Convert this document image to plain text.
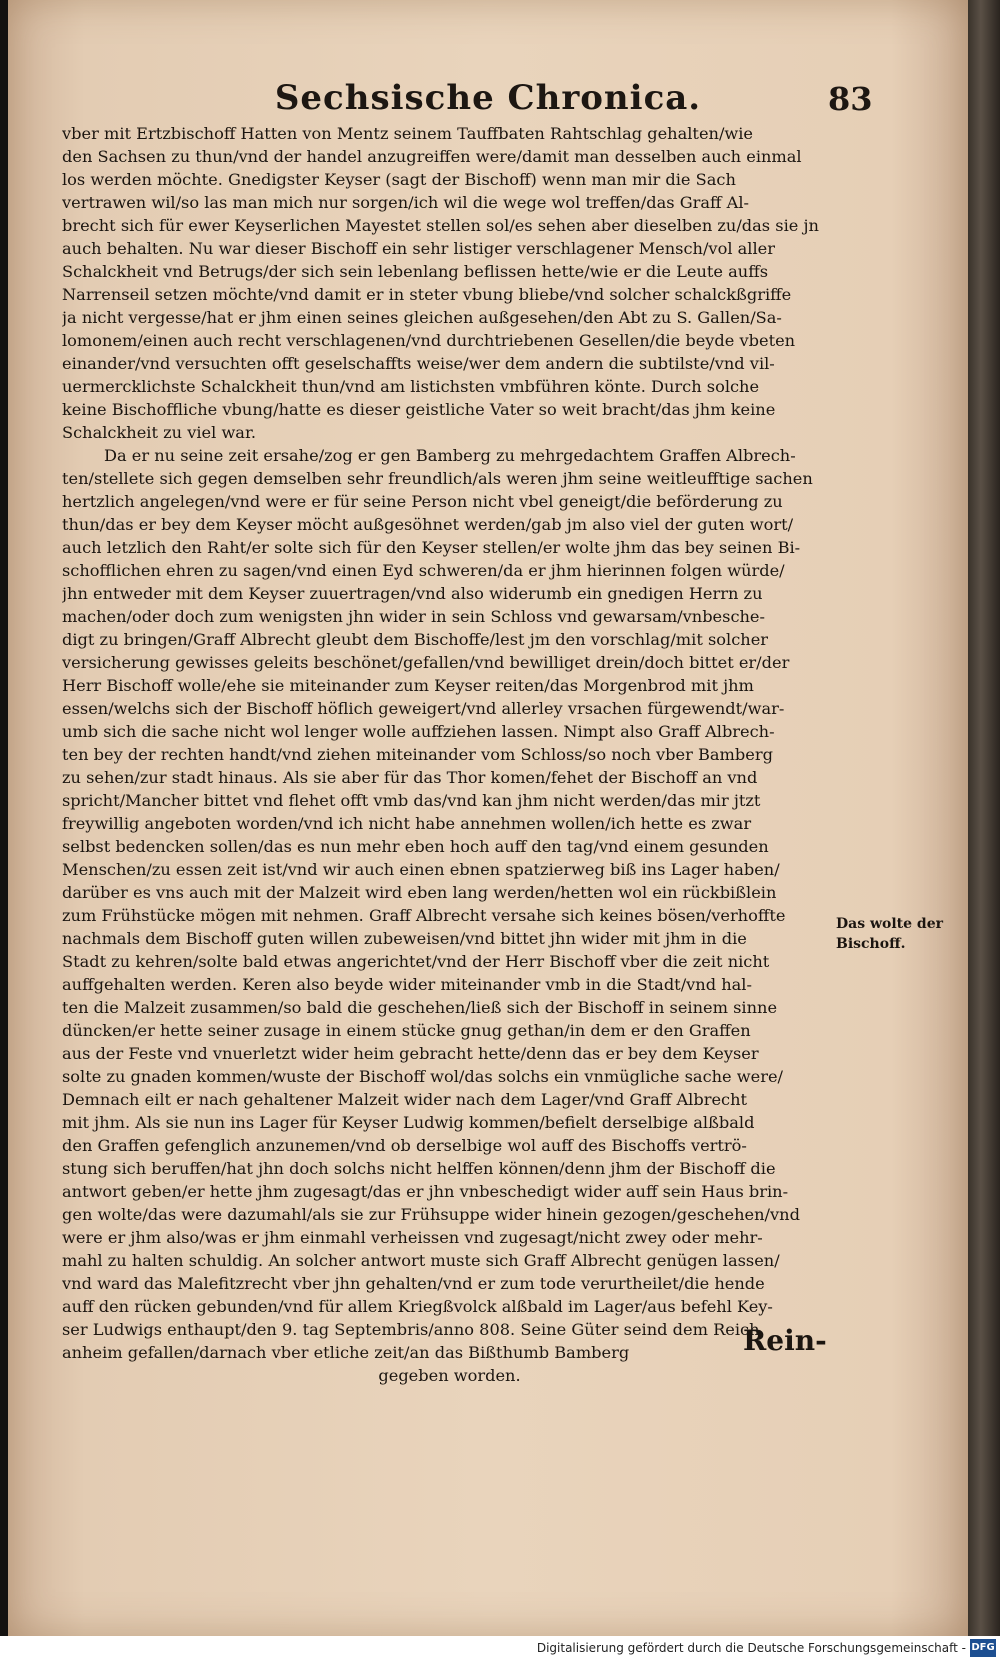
Sechsische Chronica.	83
vber mit Ertzbischoff Hatten von Mentz seinem Tauffbaten Rahtschlag gehalten/wie
den Sachsen zu thun/vnd der handel anzugreiffen were/damit man desselben auch einmal
los werden möchte. Gnedigster Keyser (sagt der Bischoff) wenn man mir die Sach
vertrawen wil/so las man mich nur sorgen/ich wil die wege wol treffen/das Graff Al-
brecht sich für ewer Keyserlichen Mayestet stellen sol/es sehen aber dieselben zu/das sie jn
auch behalten. Nu war dieser Bischoff ein sehr listiger verschlagener Mensch/vol aller
Schalckheit vnd Betrugs/der sich sein lebenlang beflissen hette/wie er die Leute auffs
Narrenseil setzen möchte/vnd damit er in steter vbung bliebe/vnd solcher schalckßgriffe
ja nicht vergesse/hat er jhm einen seines gleichen außgesehen/den Abt zu S. Gallen/Sa-
lomonem/einen auch recht verschlagenen/vnd durchtriebenen Gesellen/die beyde vbeten
einander/vnd versuchten offt geselschaffts weise/wer dem andern die subtilste/vnd vil-
uermercklichste Schalckheit thun/vnd am listichsten vmbführen könte. Durch solche
keine Bischoffliche vbung/hatte es dieser geistliche Vater so weit bracht/das jhm keine
Schalckheit zu viel war.
Da er nu seine zeit ersahe/zog er gen Bamberg zu mehrgedachtem Graffen Albrech-
ten/stellete sich gegen demselben sehr freundlich/als weren jhm seine weitleufftige sachen
hertzlich angelegen/vnd were er für seine Person nicht vbel geneigt/die beförderung zu
thun/das er bey dem Keyser möcht außgesöhnet werden/gab jm also viel der guten wort/
auch letzlich den Raht/er solte sich für den Keyser stellen/er wolte jhm das bey seinen Bi-
schofflichen ehren zu sagen/vnd einen Eyd schweren/da er jhm hierinnen folgen würde/
jhn entweder mit dem Keyser zuuertragen/vnd also widerumb ein gnedigen Herrn zu
machen/oder doch zum wenigsten jhn wider in sein Schloss vnd gewarsam/vnbesche-
digt zu bringen/Graff Albrecht gleubt dem Bischoffe/lest jm den vorschlag/mit solcher
versicherung gewisses geleits beschönet/gefallen/vnd bewilliget drein/doch bittet er/der
Herr Bischoff wolle/ehe sie miteinander zum Keyser reiten/das Morgenbrod mit jhm
essen/welchs sich der Bischoff höflich geweigert/vnd allerley vrsachen fürgewendt/war-
umb sich die sache nicht wol lenger wolle auffziehen lassen. Nimpt also Graff Albrech-
ten bey der rechten handt/vnd ziehen miteinander vom Schloss/so noch vber Bamberg
zu sehen/zur stadt hinaus. Als sie aber für das Thor komen/fehet der Bischoff an vnd
spricht/Mancher bittet vnd flehet offt vmb das/vnd kan jhm nicht werden/das mir jtzt
freywillig angeboten worden/vnd ich nicht habe annehmen wollen/ich hette es zwar
selbst bedencken sollen/das es nun mehr eben hoch auff den tag/vnd einem gesunden
Menschen/zu essen zeit ist/vnd wir auch einen ebnen spatzierweg biß ins Lager haben/
darüber es vns auch mit der Malzeit wird eben lang werden/hetten wol ein rückbißlein
zum Frühstücke mögen mit nehmen. Graff Albrecht versahe sich keines bösen/verhoffte
nachmals dem Bischoff guten willen zubeweisen/vnd bittet jhn wider mit jhm in die
Stadt zu kehren/solte bald etwas angerichtet/vnd der Herr Bischoff vber die zeit nicht
auffgehalten werden. Keren also beyde wider miteinander vmb in die Stadt/vnd hal-
ten die Malzeit zusammen/so bald die geschehen/ließ sich der Bischoff in seinem sinne
düncken/er hette seiner zusage in einem stücke gnug gethan/in dem er den Graffen
aus der Feste vnd vnuerletzt wider heim gebracht hette/denn das er bey dem Keyser
solte zu gnaden kommen/wuste der Bischoff wol/das solchs ein vnmügliche sache were/
Demnach eilt er nach gehaltener Malzeit wider nach dem Lager/vnd Graff Albrecht
mit jhm. Als sie nun ins Lager für Keyser Ludwig kommen/befielt derselbige alßbald
den Graffen gefenglich anzunemen/vnd ob derselbige wol auff des Bischoffs vertrö-
stung sich beruffen/hat jhn doch solchs nicht helffen können/denn jhm der Bischoff die
antwort geben/er hette jhm zugesagt/das er jhn vnbeschedigt wider auff sein Haus brin-
gen wolte/das were dazumahl/als sie zur Frühsuppe wider hinein gezogen/geschehen/vnd
were er jhm also/was er jhm einmahl verheissen vnd zugesagt/nicht zwey oder mehr-
mahl zu halten schuldig. An solcher antwort muste sich Graff Albrecht genügen lassen/
vnd ward das Malefitzrecht vber jhn gehalten/vnd er zum tode verurtheilet/die hende
auff den rücken gebunden/vnd für allem Kriegßvolck alßbald im Lager/aus befehl Key-
ser Ludwigs enthaupt/den 9. tag Septembris/anno 808. Seine Güter seind dem Reich
anheim gefallen/darnach vber etliche zeit/an das Bißthumb Bamberg
gegeben worden.
Das wolte der Bischoff.
Rein-
Digitalisierung gefördert durch die Deutsche Forschungsgemeinschaft - DFG
